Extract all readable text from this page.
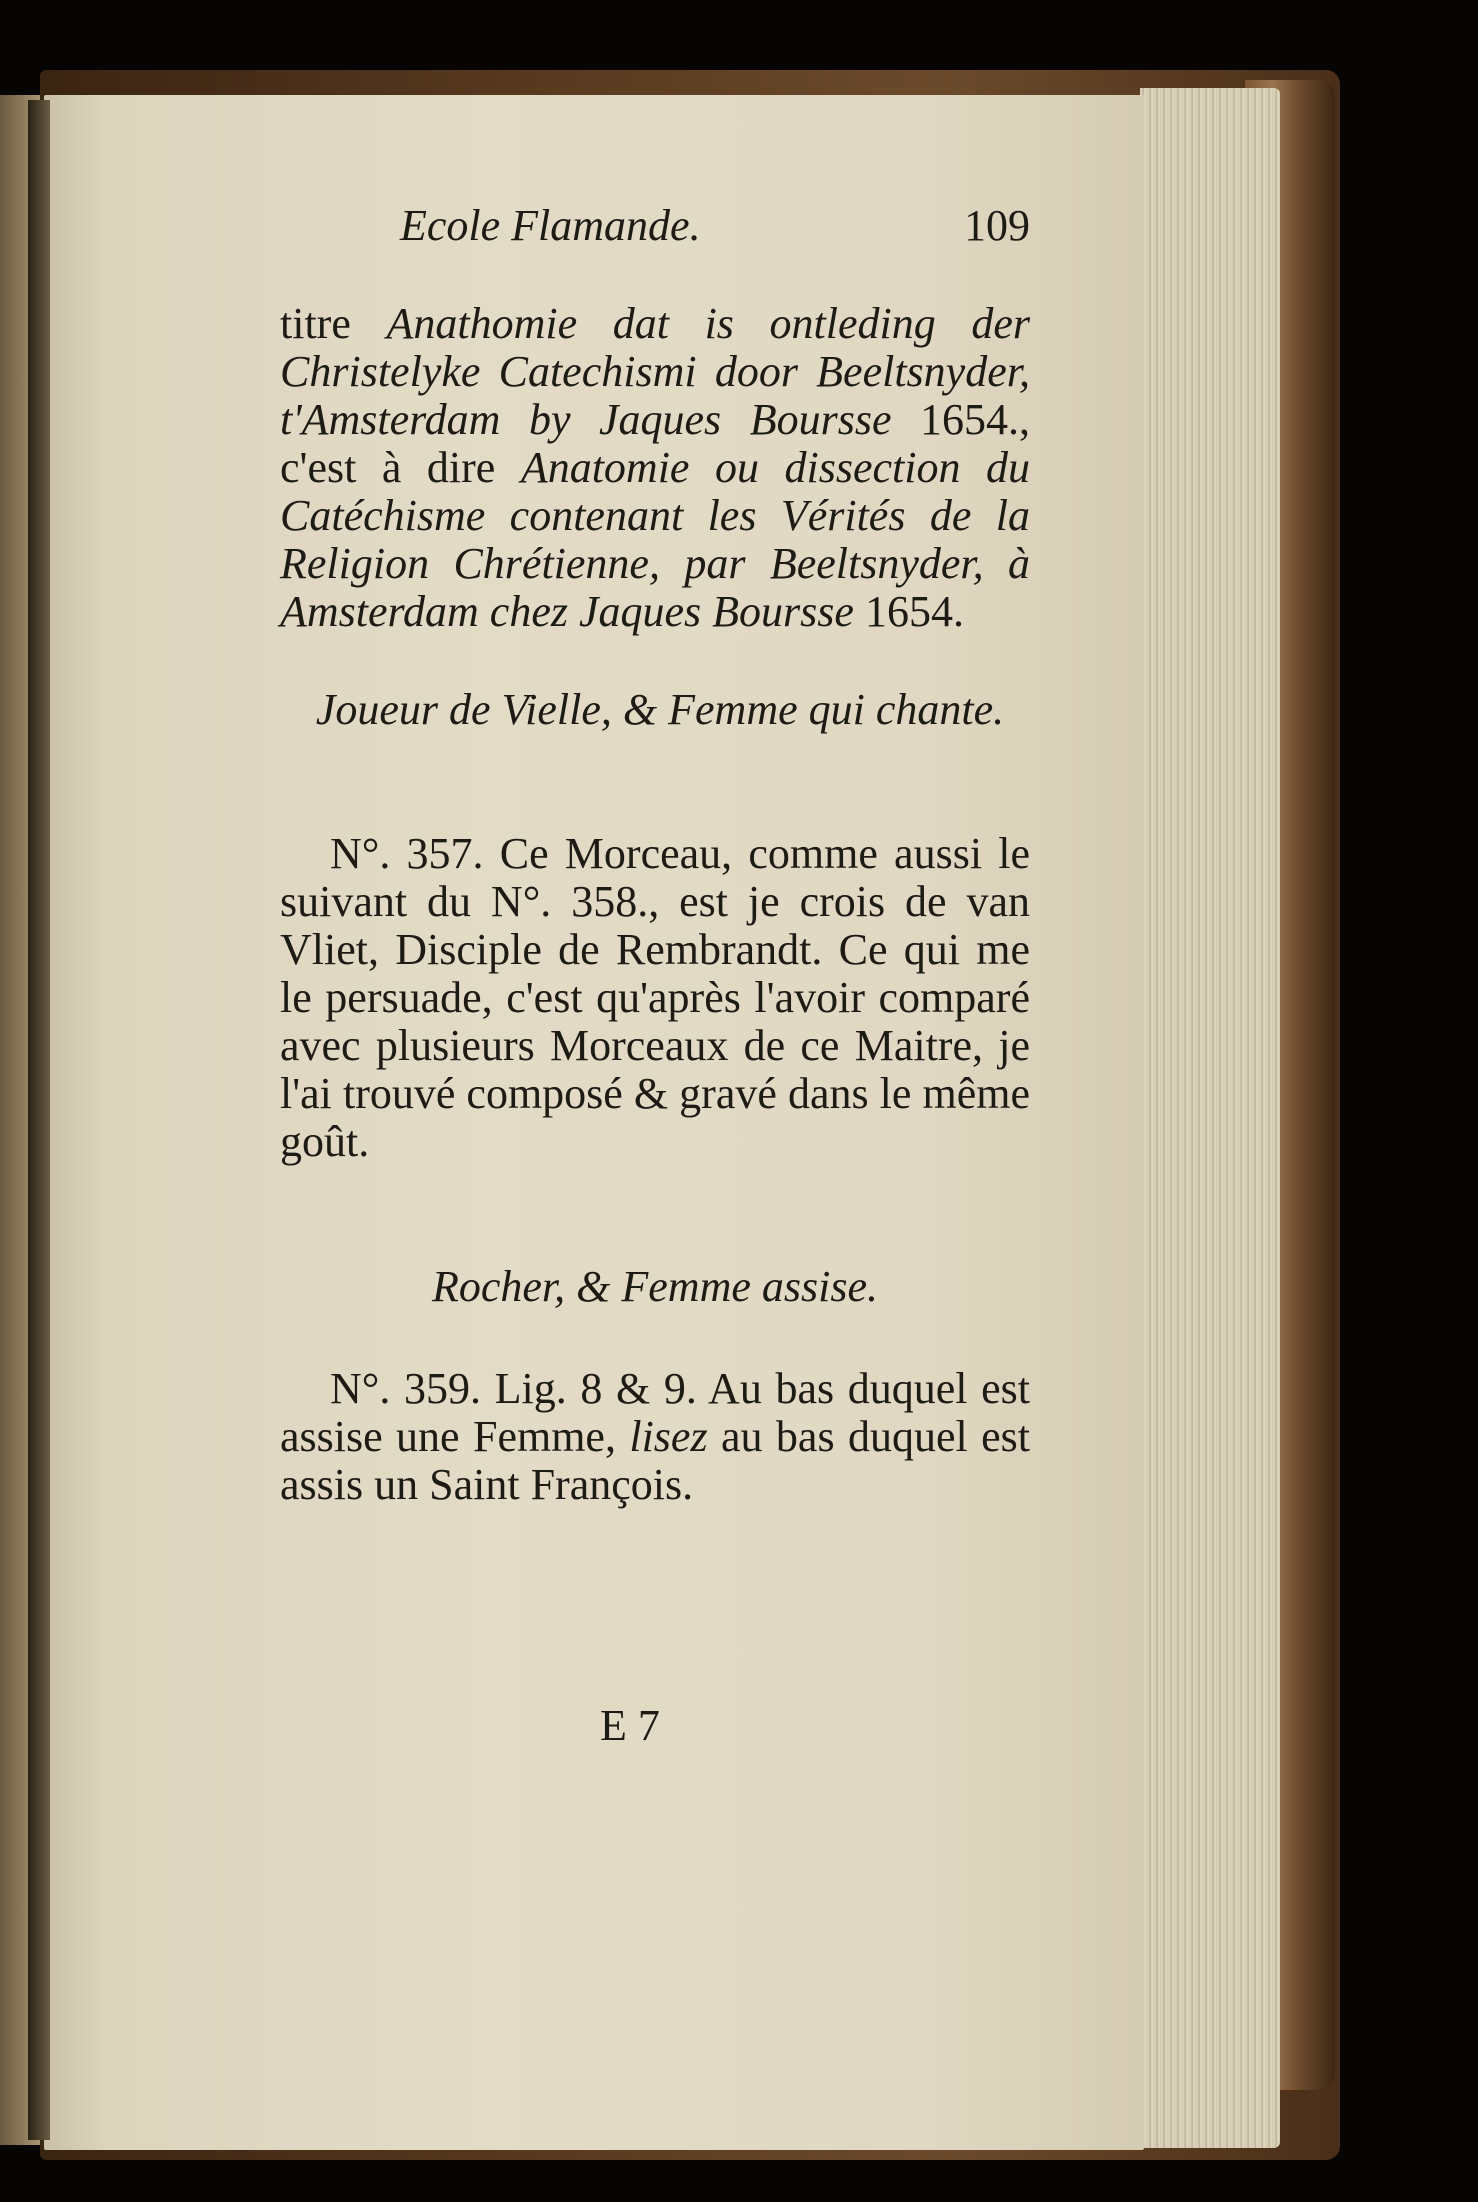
Ecole Flamande.	109
titre Anathomie dat is ontleding der Christelyke Catechismi door Beeltsnyder, t'Amsterdam by Jaques Boursse 1654., c'est à dire Anatomie ou dissection du Catéchisme contenant les Vérités de la Religion Chrétienne, par Beeltsnyder, à Amsterdam chez Jaques Boursse 1654.
Joueur de Vielle, & Femme qui chante.
N°. 357. Ce Morceau, comme aussi le suivant du N°. 358., est je crois de van Vliet, Disciple de Rembrandt. Ce qui me le persuade, c'est qu'après l'avoir comparé avec plusieurs Morceaux de ce Maitre, je l'ai trouvé composé & gravé dans le même goût.
Rocher, & Femme assise.
N°. 359. Lig. 8 & 9. Au bas duquel est assise une Femme, lisez au bas duquel est assis un Saint François.
E 7
